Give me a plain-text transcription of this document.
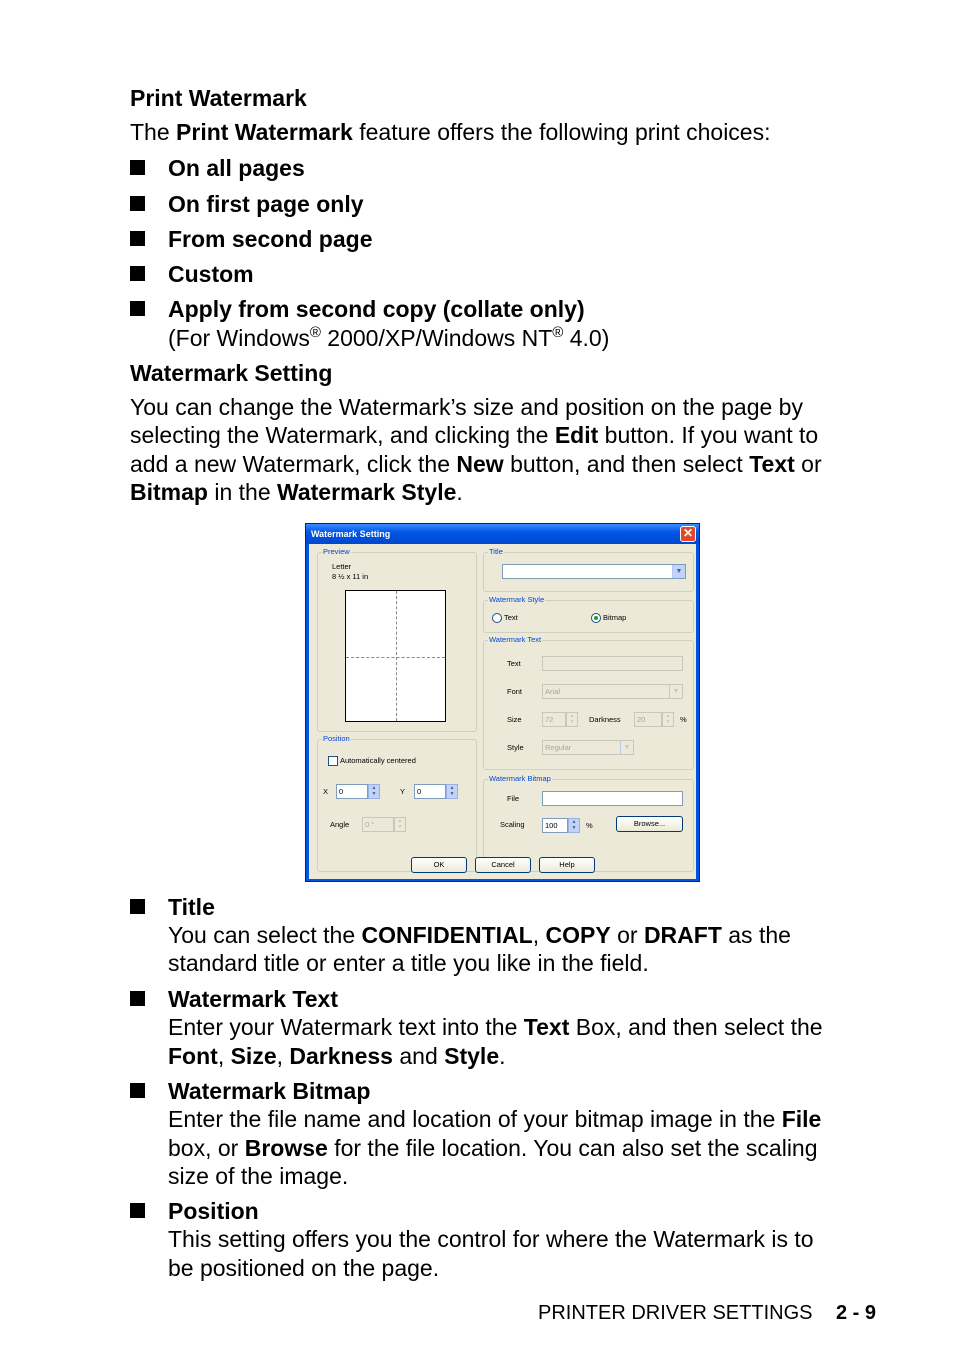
Print Watermark
The Print Watermark feature offers the following print choices:
On all pages
On first page only
From second page
Custom
Apply from second copy (collate only)
(For Windows® 2000/XP/Windows NT® 4.0)
Watermark Setting
You can change the Watermark’s size and position on the page by
selecting the Watermark, and clicking the Edit button. If you want to
add a new Watermark, click the New button, and then select Text or
Bitmap in the Watermark Style.
Watermark Setting	✕
Preview
Letter
8 ½ x 11 in
Position
Automatically centered
X	0	▲
▼	Y	0	▲
▼
Angle	0 °	▲
▼
Title
▼
Watermark Style
Text	Bitmap
Watermark Text
Text
Font	Arial	▼
Size	72	▲
▼	Darkness	20	▲
▼	%
Style	Regular	▼
Watermark Bitmap
File
Scaling	100	▲
▼	%	Browse...
OK	Cancel	Help
Title
You can select the CONFIDENTIAL, COPY or DRAFT as the
standard title or enter a title you like in the field.
Watermark Text
Enter your Watermark text into the Text Box, and then select the
Font, Size, Darkness and Style.
Watermark Bitmap
Enter the file name and location of your bitmap image in the File
box, or Browse for the file location. You can also set the scaling
size of the image.
Position
This setting offers you the control for where the Watermark is to
be positioned on the page.
PRINTER DRIVER SETTINGS 2 - 9
